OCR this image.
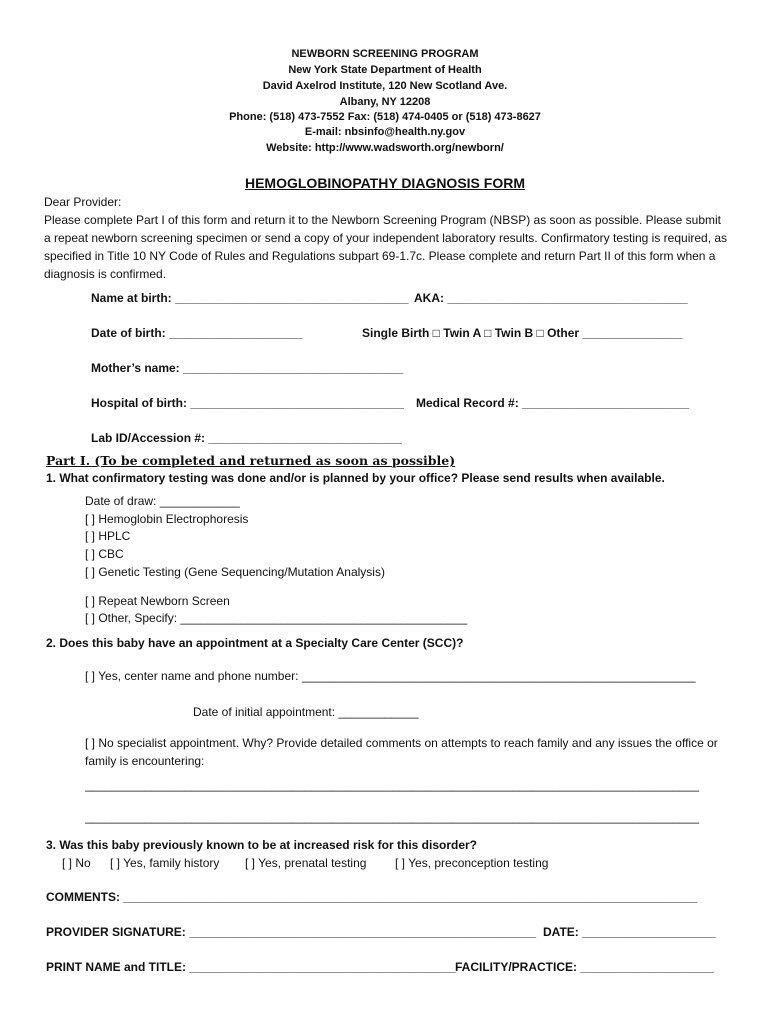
NEWBORN SCREENING PROGRAM
New York State Department of Health
David Axelrod Institute, 120 New Scotland Ave.
Albany, NY 12208
Phone: (518) 473-7552 Fax: (518) 474-0405 or (518) 473-8627
E-mail: nbsinfo@health.ny.gov
Website: http://www.wadsworth.org/newborn/
HEMOGLOBINOPATHY DIAGNOSIS FORM
Dear Provider:
Please complete Part I of this form and return it to the Newborn Screening Program (NBSP) as soon as possible. Please submit a repeat newborn screening specimen or send a copy of your independent laboratory results. Confirmatory testing is required, as specified in Title 10 NY Code of Rules and Regulations subpart 69-1.7c. Please complete and return Part II of this form when a diagnosis is confirmed.
Name at birth: ___________________________________ AKA: ____________________________________
Date of birth: ____________________	Single Birth □ Twin A □ Twin B □ Other _______________
Mother’s name: _________________________________
Hospital of birth: ________________________________ Medical Record #: _________________________
Lab ID/Accession #: _____________________________
Part I. (To be completed and returned as soon as possible)
1. What confirmatory testing was done and/or is planned by your office? Please send results when available.
Date of draw: ____________
[ ] Hemoglobin Electrophoresis
[ ] HPLC
[ ] CBC
[ ] Genetic Testing (Gene Sequencing/Mutation Analysis)
[ ] Repeat Newborn Screen
[ ] Other, Specify: ___________________________________________
2. Does this baby have an appointment at a Specialty Care Center (SCC)?
[ ] Yes, center name and phone number: ___________________________________________________________
Date of initial appointment: ____________
[ ] No specialist appointment. Why? Provide detailed comments on attempts to reach family and any issues the office or family is encountering:
____________________________________________________________________________________________
____________________________________________________________________________________________
3. Was this baby previously known to be at increased risk for this disorder?
[ ] No [ ] Yes, family history [ ] Yes, prenatal testing [ ] Yes, preconception testing
COMMENTS: ______________________________________________________________________________________
PROVIDER SIGNATURE: ____________________________________________________ DATE: ____________________
PRINT NAME and TITLE: ________________________________________
FACILITY/PRACTICE: ____________________
